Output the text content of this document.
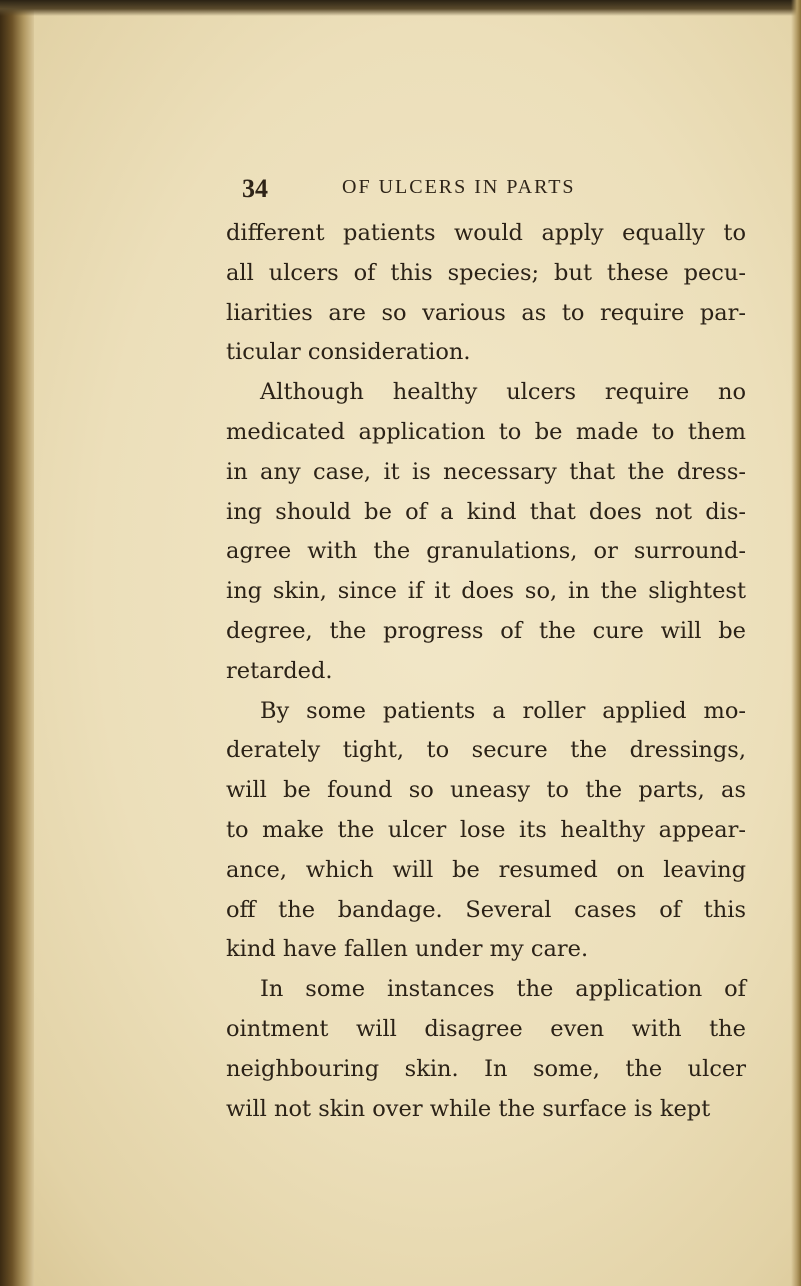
34	OF ULCERS IN PARTS
different patients would apply equally to
all ulcers of this species; but these pecu-
liarities are so various as to require par-
ticular consideration.
Although healthy ulcers require no
medicated application to be made to them
in any case, it is necessary that the dress-
ing should be of a kind that does not dis-
agree with the granulations, or surround-
ing skin, since if it does so, in the slightest
degree, the progress of the cure will be
retarded.
By some patients a roller applied mo-
derately tight, to secure the dressings,
will be found so uneasy to the parts, as
to make the ulcer lose its healthy appear-
ance, which will be resumed on leaving
off the bandage. Several cases of this
kind have fallen under my care.
In some instances the application of
ointment will disagree even with the
neighbouring skin. In some, the ulcer
will not skin over while the surface is kept
